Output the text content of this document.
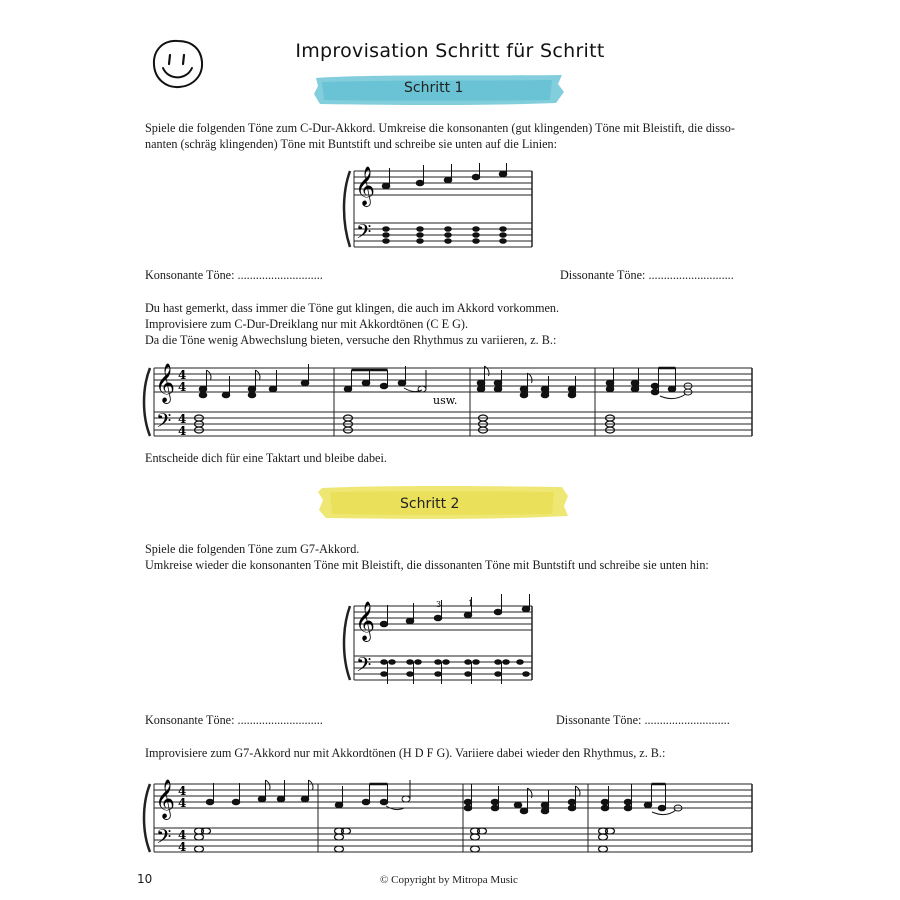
Improvisation Schritt für Schritt
Schritt 1
Spiele die folgenden Töne zum C-Dur-Akkord. Umkreise die konsonanten (gut klingenden) Töne mit Bleistift, die disso-
nanten (schräg klingenden) Töne mit Buntstift und schreibe sie unten auf die Linien:
𝄞
𝄢
Konsonante Töne: ............................	Dissonante Töne: ............................
Du hast gemerkt, dass immer die Töne gut klingen, die auch im Akkord vorkommen.
Improvisiere zum C-Dur-Dreiklang nur mit Akkordtönen (C E G).
Da die Töne wenig Abwechslung bieten, versuche den Rhythmus zu variieren, z. B.:
𝄞
𝄢
4
4
4
4
usw.
Entscheide dich für eine Taktart und bleibe dabei.
Schritt 2
Spiele die folgenden Töne zum G7-Akkord.
Umkreise wieder die konsonanten Töne mit Bleistift, die dissonanten Töne mit Buntstift und schreibe sie unten hin:
𝄞
𝄢
3	1
Konsonante Töne: ............................	Dissonante Töne: ............................
Improvisiere zum G7-Akkord nur mit Akkordtönen (H D F G). Variiere dabei wieder den Rhythmus, z. B.:
𝄞
𝄢
4
4
4
4
10	© Copyright by Mitropa Music
